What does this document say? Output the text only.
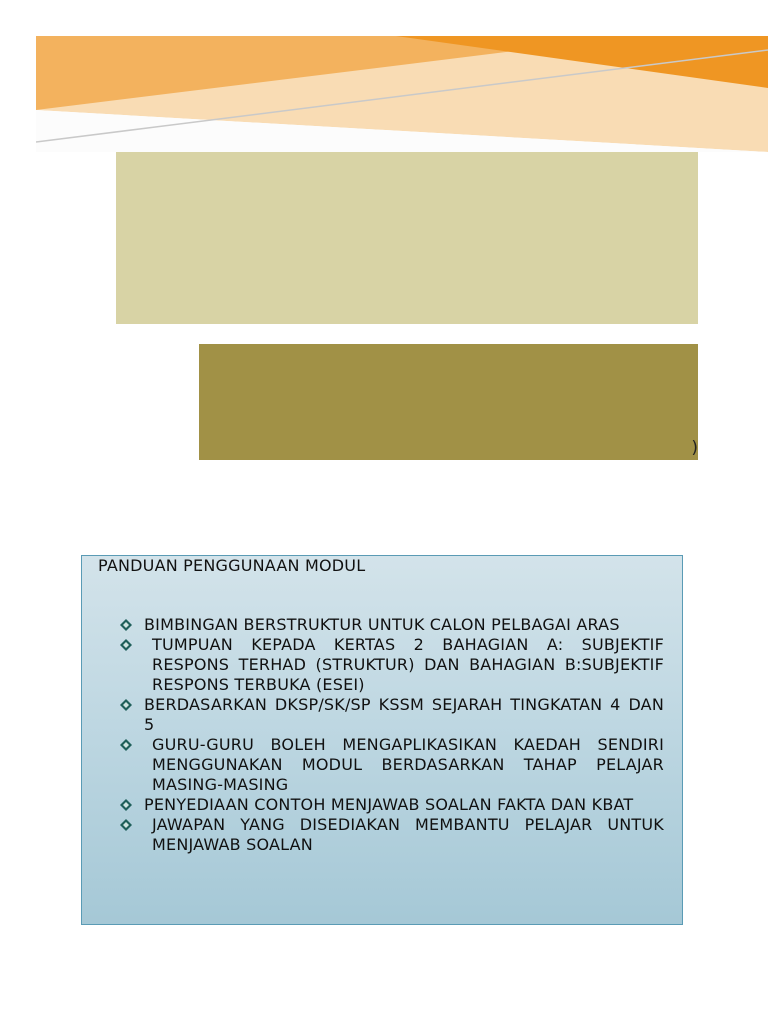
)
PANDUAN PENGGUNAAN MODUL
BIMBINGAN BERSTRUKTUR UNTUK CALON PELBAGAI ARAS
TUMPUAN KEPADA KERTAS 2 BAHAGIAN A: SUBJEKTIF RESPONS TERHAD (STRUKTUR) DAN BAHAGIAN B:SUBJEKTIF RESPONS TERBUKA (ESEI)
BERDASARKAN DKSP/SK/SP KSSM SEJARAH TINGKATAN 4 DAN 5
GURU-GURU BOLEH MENGAPLIKASIKAN KAEDAH SENDIRI MENGGUNAKAN MODUL BERDASARKAN TAHAP PELAJAR MASING-MASING
PENYEDIAAN CONTOH MENJAWAB SOALAN FAKTA DAN KBAT
JAWAPAN YANG DISEDIAKAN MEMBANTU PELAJAR UNTUK MENJAWAB SOALAN
